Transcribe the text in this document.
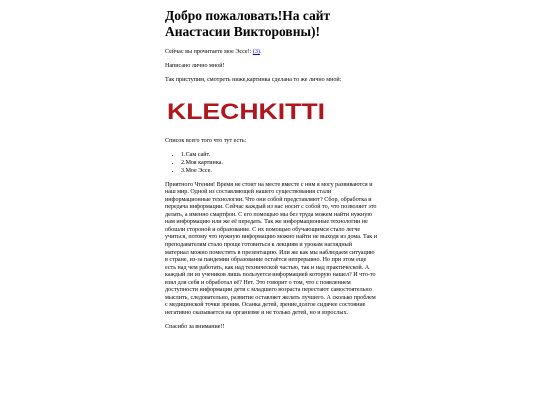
Добро пожаловать!На сайт Анастасии Викторовны)!

Сейчас вы прочитаете мое Эссе!: (3).

Написано лично мной!

Так приступим, смотреть ниже,картинка сделана то же лично мной:

KLECHKITTI

Список всего того что тут есть:

• 1.Сам сайт.
• 2.Моя картинка.
• 3.Мое Эссе.

Приятного Чтения! Время не стоит на месте вместе с ним я могу развиваются и наш мир. Одной из составляющей нашего существования стали информационные технологии. Что они собой представляют? Сбор, обработка и передача информации. Сейчас каждый из нас носит с собой то, что позволяет это делать, а именно смартфон. С его помощью мы без труда можем найти нужную нам информацию или же её передать. Так же информационные технологии не обошли стороной и образование. С их помощью обучающимся стало легче учиться, потому что нужную информацию можно найти не выходя из дома. Так и преподавателям стало проще готовиться к лекциям и урокам наглядный материал можно поместить в презентацию. Или же как мы наблюдаем ситуацию в стране, из-за пандемии образование остаётся непрерывно. Но при этом еще есть над чем работать, как над технической частью, так и над практической. А каждый ли из учеников лишь пользуется информацией которую нашел? И что-то взял для себя и обработал её? Нет. Это говорит о том, что с появлением доступности информации дети с младшего возраста перестают самостоятельно мыслить, следовательно, развитие оставляет желать лучшего. А сколько проблем с медицинской точки зрения. Осанка детей, зрение,долгое сидячее состояние негативно сказывается на организме и не только детей, но и взрослых.

Спасибо за внимание!!
